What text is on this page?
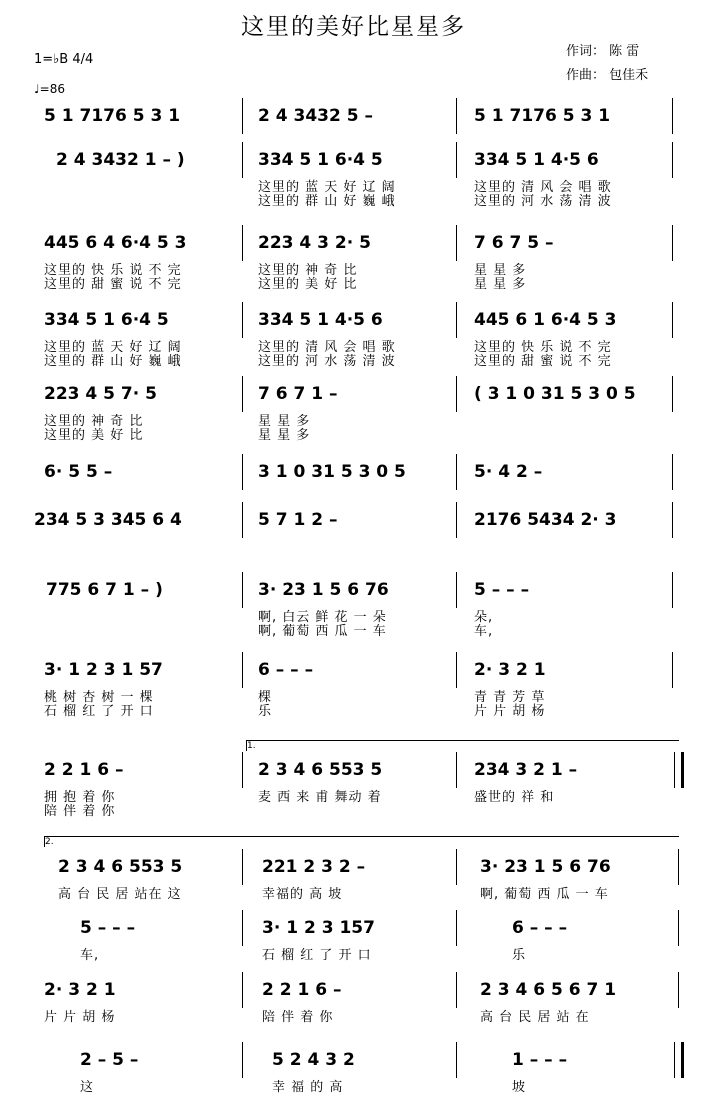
这里的美好比星星多
作词： 陈 雷
作曲： 包佳禾
1=♭B 4/4
♩=86
5 1 7176 5 3 1	2 4 3432 5 –	5 1 7176 5 3 1
2 4 3432 1 – )	334 5 1 6·4 5
这里的 蓝 天 好 辽 阔
这里的 群 山 好 巍 峨
334 5 1 4·5 6
这里的 清 风 会 唱 歌
这里的 河 水 荡 清 波
445 6 4 6·4 5 3
这里的 快 乐 说 不 完
这里的 甜 蜜 说 不 完
223 4 3 2· 5
这里的 神 奇 比
这里的 美 好 比
7 6 7 5 –
星 星 多
星 星 多
334 5 1 6·4 5
这里的 蓝 天 好 辽 阔
这里的 群 山 好 巍 峨
334 5 1 4·5 6
这里的 清 风 会 唱 歌
这里的 河 水 荡 清 波
445 6 1 6·4 5 3
这里的 快 乐 说 不 完
这里的 甜 蜜 说 不 完
223 4 5 7· 5
这里的 神 奇 比
这里的 美 好 比
7 6 7 1 –
星 星 多
星 星 多
( 3 1 0 31 5 3 0 5
6· 5 5 –	3 1 0 31 5 3 0 5	5· 4 2 –
234 5 3 345 6 4	5 7 1 2 –	2176 5434 2· 3
775 6 7 1 – )	3· 23 1 5 6 76
啊, 白云 鲜 花 一 朵
啊, 葡萄 西 瓜 一 车
5 – – –
朵,
车,
3· 1 2 3 1 57
桃 树 杏 树 一 棵
石 榴 红 了 开 口
6 – – –
棵
乐
2· 3 2 1
青 青 芳 草
片 片 胡 杨
2 2 1 6 –
拥 抱 着 你
陪 伴 着 你
2 3 4 6 553 5
麦 西 来 甫 舞动 着
234 3 2 1 –
盛世的 祥 和
2 3 4 6 553 5
高 台 民 居 站在 这
221 2 3 2 –
幸福的 高 坡
3· 23 1 5 6 76
啊, 葡萄 西 瓜 一 车
5 – – –
车,
3· 1 2 3 157
石 榴 红 了 开 口
6 – – –
乐
2· 3 2 1
片 片 胡 杨
2 2 1 6 –
陪 伴 着 你
2 3 4 6 5 6 7 1
高 台 民 居 站 在
2 – 5 –
这
5 2 4 3 2
幸 福 的 高
1 – – –
坡
1.
2.
